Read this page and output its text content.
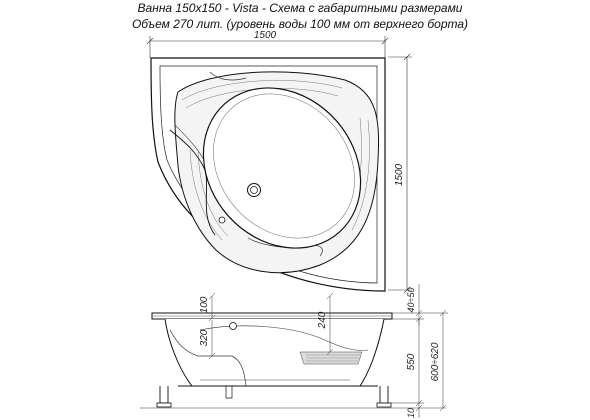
Ванна 150х150 - Vista - Схема с габаритными размерами
Объем 270 лит. (уровень воды 100 мм от верхнего борта)
1500
1500
100
320
240
40÷50
550
10
600÷620
